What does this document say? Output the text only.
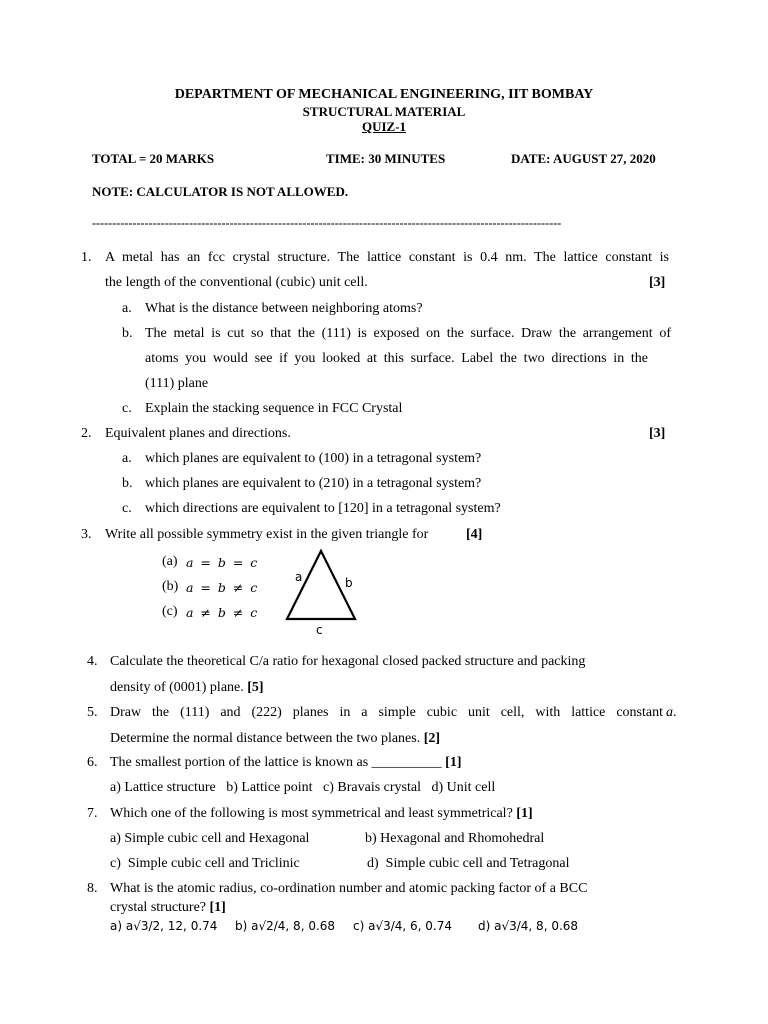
DEPARTMENT OF MECHANICAL ENGINEERING, IIT BOMBAY
STRUCTURAL MATERIAL
QUIZ-1
TOTAL = 20 MARKS	TIME: 30 MINUTES	DATE: AUGUST 27, 2020
NOTE: CALCULATOR IS NOT ALLOWED.
--------------------------------------------------------------------------------------------------------------------
1. A metal has an fcc crystal structure. The lattice constant is 0.4 nm. The lattice constant is
the length of the conventional (cubic) unit cell.	[3]
a. What is the distance between neighboring atoms?
b. The metal is cut so that the (111) is exposed on the surface. Draw the arrangement of
atoms you would see if you looked at this surface. Label the two directions in the
(111) plane
c. Explain the stacking sequence in FCC Crystal
2. Equivalent planes and directions.	[3]
a. which planes are equivalent to (100) in a tetragonal system?
b. which planes are equivalent to (210) in a tetragonal system?
c. which directions are equivalent to [120] in a tetragonal system?
3. Write all possible symmetry exist in the given triangle for	[4]
(a) a = b = c
(b) a = b ≠ c
(c) a ≠ b ≠ c
a	b
c
4. Calculate the theoretical C/a ratio for hexagonal closed packed structure and packing
density of (0001) plane. [5]
5. Draw the (111) and (222) planes in a simple cubic unit cell, with lattice constant a.
Determine the normal distance between the two planes. [2]
6. The smallest portion of the lattice is known as __________ [1]
a) Lattice structure   b) Lattice point   c) Bravais crystal   d) Unit cell
7. Which one of the following is most symmetrical and least symmetrical? [1]
a) Simple cubic cell and Hexagonal	b) Hexagonal and Rhomohedral
c)  Simple cubic cell and Triclinic	d)  Simple cubic cell and Tetragonal
8. What is the atomic radius, co-ordination number and atomic packing factor of a BCC
crystal structure? [1]
a) a√3/2, 12, 0.74 b) a√2/4, 8, 0.68 c) a√3/4, 6, 0.74 d) a√3/4, 8, 0.68
